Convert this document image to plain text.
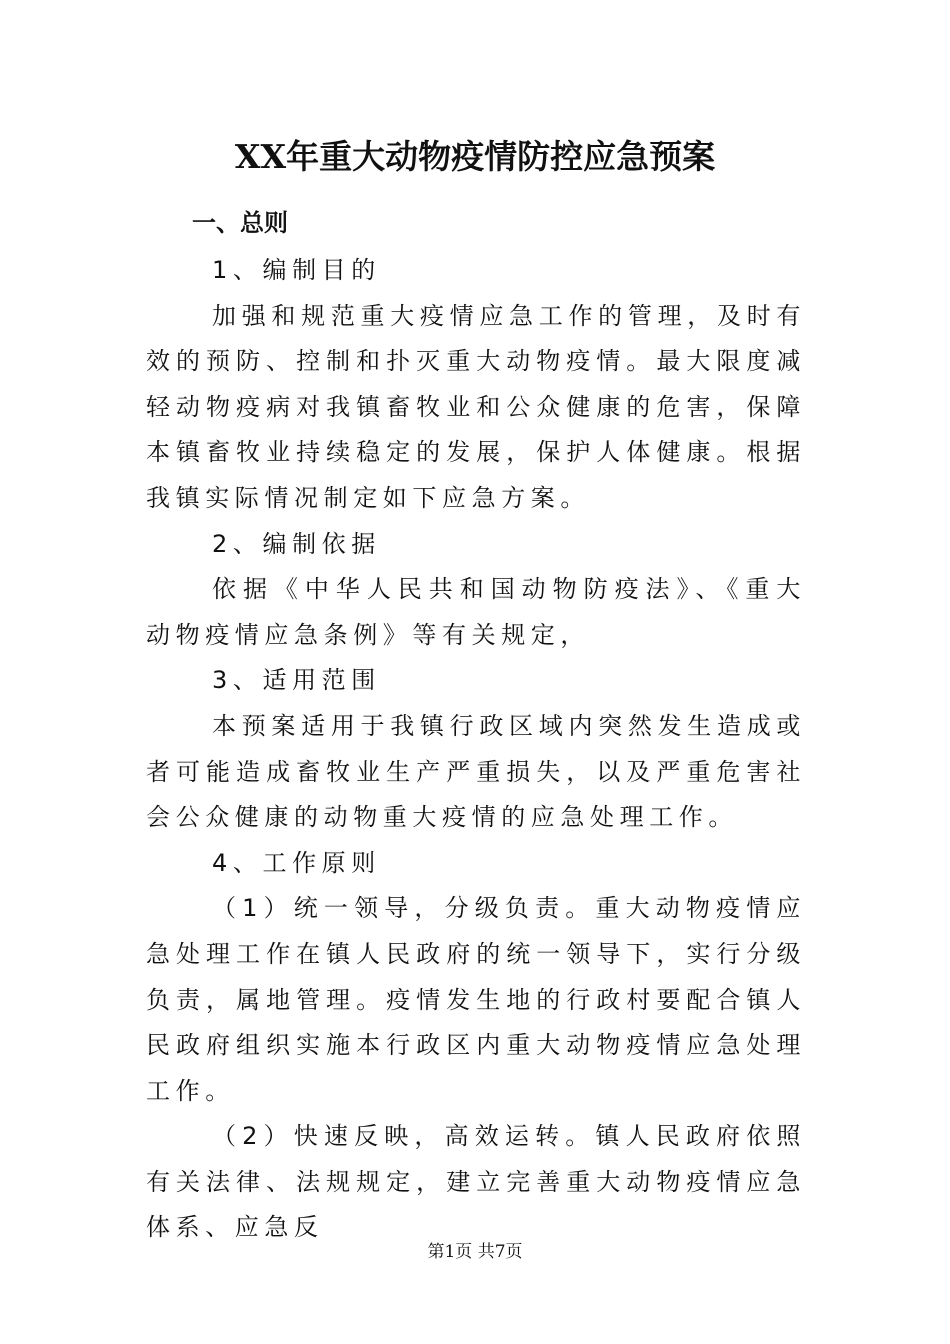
XX年重大动物疫情防控应急预案
一、总则

1、编制目的

加强和规范重大疫情应急工作的管理，及时有效的预防、控制和扑灭重大动物疫情。最大限度减轻动物疫病对我镇畜牧业和公众健康的危害，保障本镇畜牧业持续稳定的发展，保护人体健康。根据我镇实际情况制定如下应急方案。

2、编制依据

依据《中华人民共和国动物防疫法》、《重大动物疫情应急条例》等有关规定，

3、适用范围

本预案适用于我镇行政区域内突然发生造成或者可能造成畜牧业生产严重损失，以及严重危害社会公众健康的动物重大疫情的应急处理工作。

4、工作原则

（1）统一领导，分级负责。重大动物疫情应急处理工作在镇人民政府的统一领导下，实行分级负责，属地管理。疫情发生地的行政村要配合镇人民政府组织实施本行政区内重大动物疫情应急处理工作。

（2）快速反映，高效运转。镇人民政府依照有关法律、法规规定，建立完善重大动物疫情应急体系、应急反

第1页 共7页
